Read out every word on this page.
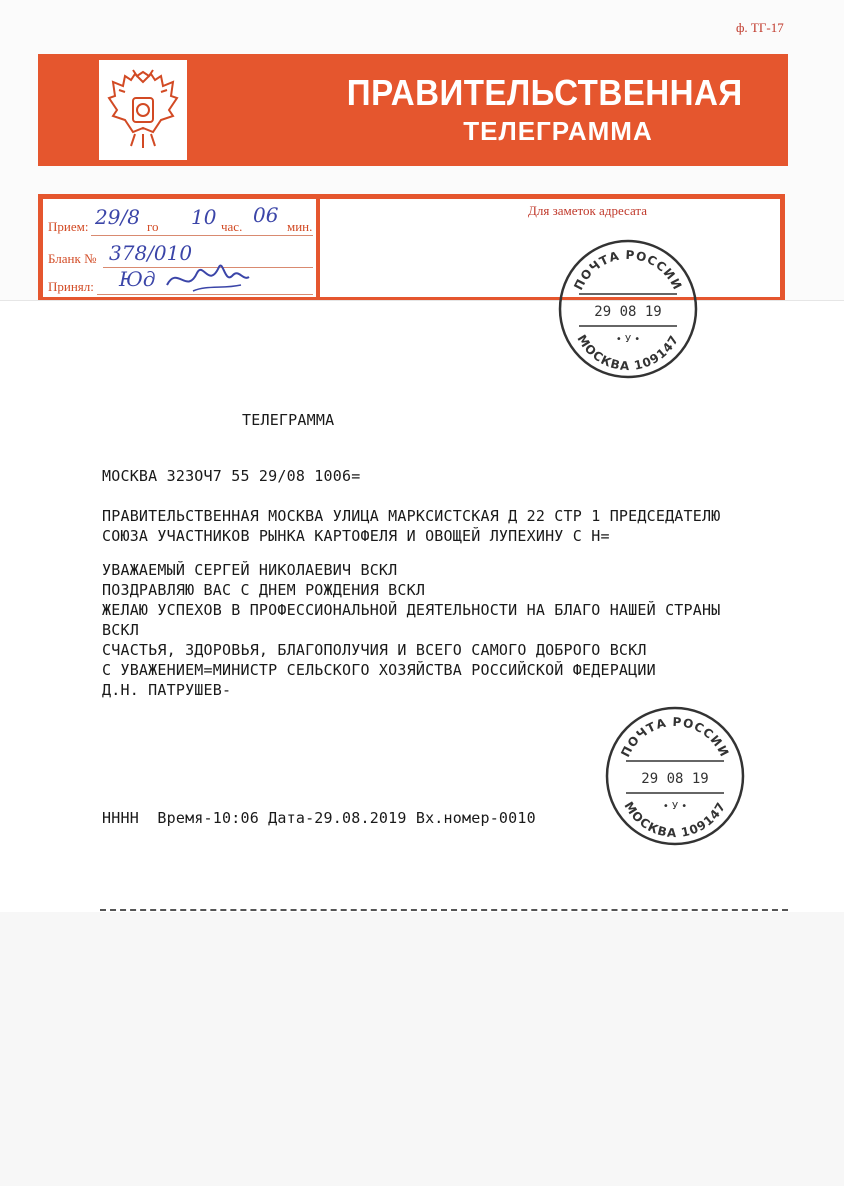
ф. ТГ-17
ПРАВИТЕЛЬСТВЕННАЯ
ТЕЛЕГРАММА
Прием: 29/8 го 10 час. 06 мин.
Бланк № 378/010
Принял: Юд
Для заметок адресата
ТЕЛЕГРАММА
МОСКВА 323ОЧ7 55 29/08 1006=
ПРАВИТЕЛЬСТВЕННАЯ МОСКВА УЛИЦА МАРКСИСТСКАЯ Д 22 СТР 1 ПРЕДСЕДАТЕЛЮ
СОЮЗА УЧАСТНИКОВ РЫНКА КАРТОФЕЛЯ И ОВОЩЕЙ ЛУПЕХИНУ С Н=
УВАЖАЕМЫЙ СЕРГЕЙ НИКОЛАЕВИЧ ВСКЛ
ПОЗДРАВЛЯЮ ВАС С ДНЕМ РОЖДЕНИЯ ВСКЛ
ЖЕЛАЮ УСПЕХОВ В ПРОФЕССИОНАЛЬНОЙ ДЕЯТЕЛЬНОСТИ НА БЛАГО НАШЕЙ СТРАНЫ
ВСКЛ
СЧАСТЬЯ, ЗДОРОВЬЯ, БЛАГОПОЛУЧИЯ И ВСЕГО САМОГО ДОБРОГО ВСКЛ
С УВАЖЕНИЕМ=МИНИСТР СЕЛЬСКОГО ХОЗЯЙСТВА РОССИЙСКОЙ ФЕДЕРАЦИИ
Д.Н. ПАТРУШЕВ-
НННН  Время-10:06 Дата-29.08.2019 Вх.номер-0010
ПОЧТА РОССИИ
29 08 19
• У •
МОСКВА 109147
ПОЧТА РОССИИ
29 08 19
• У •
МОСКВА 109147
